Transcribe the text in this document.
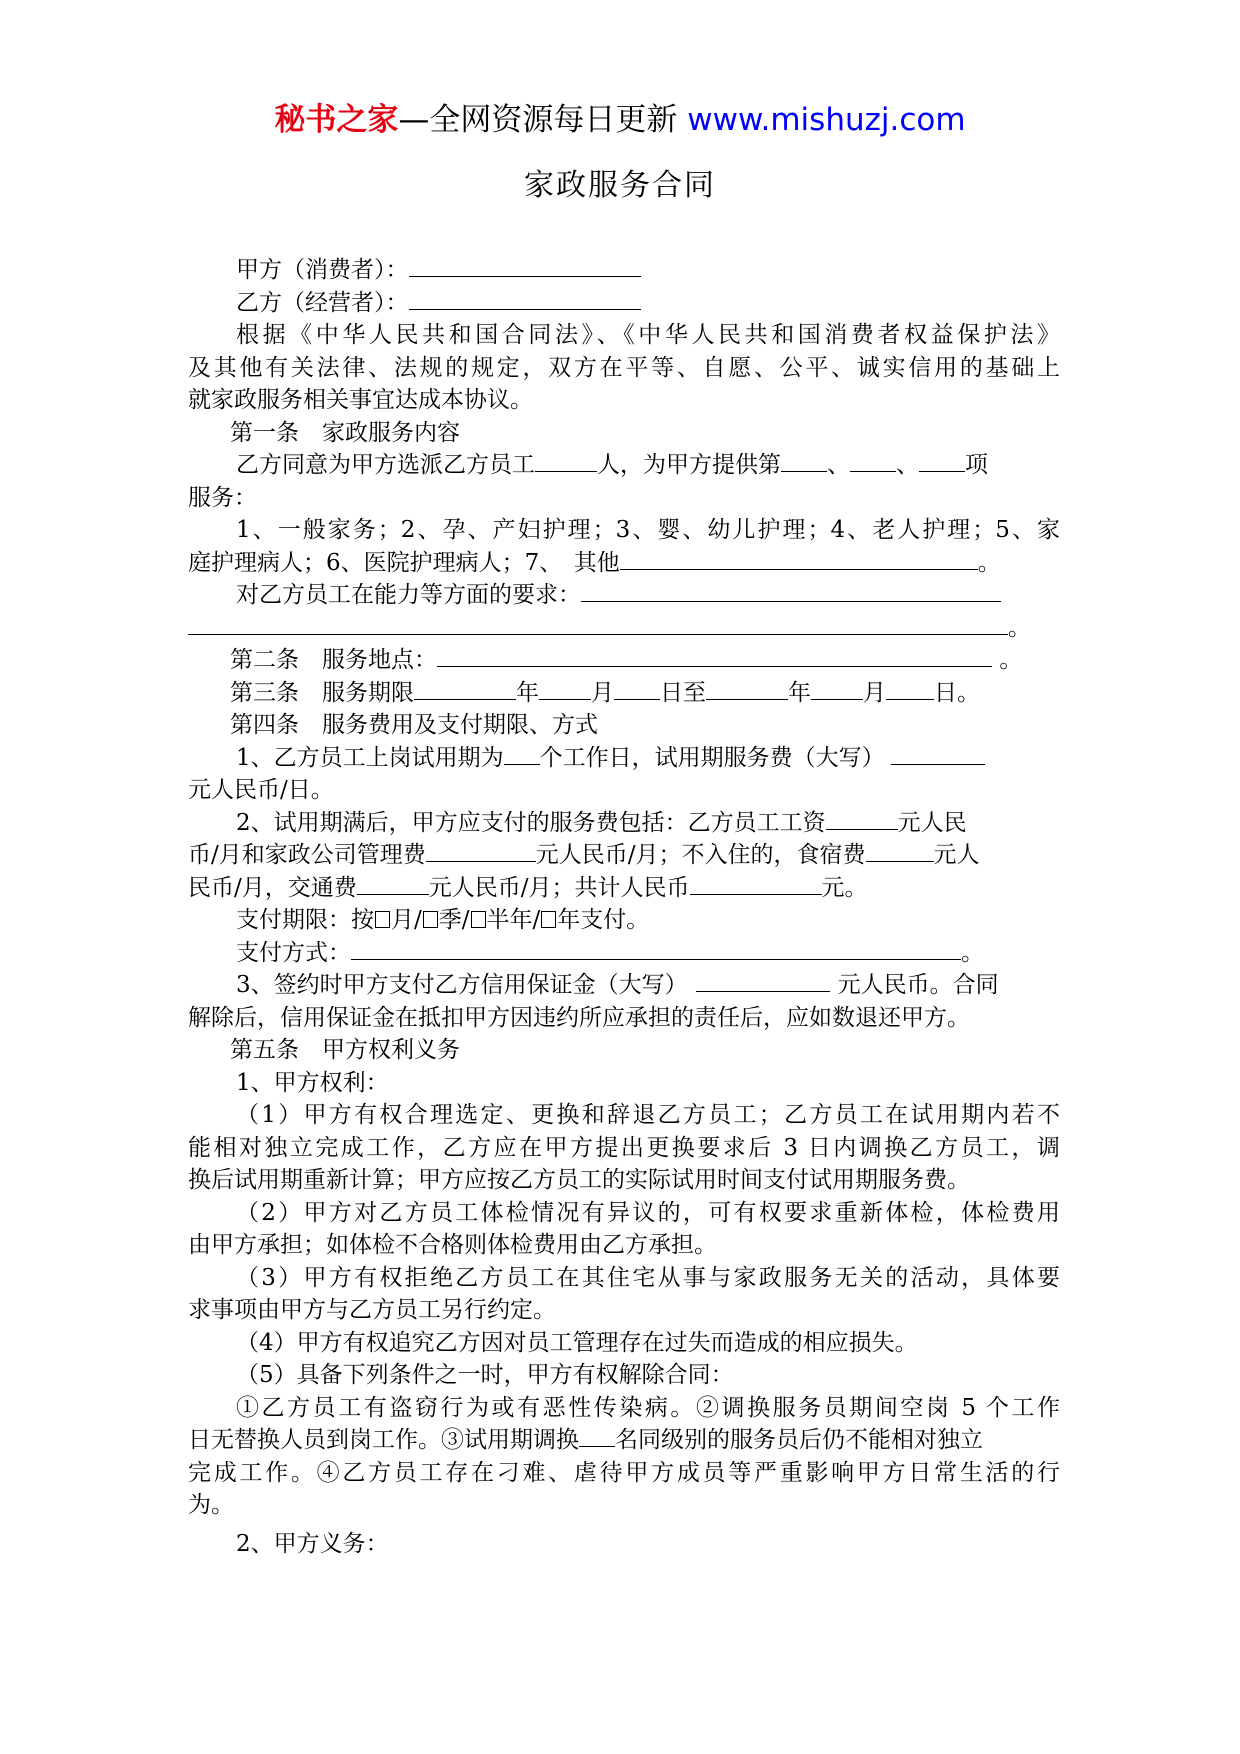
秘书之家—全网资源每日更新 www.mishuzj.com
家政服务合同
甲方（消费者）：
乙方（经营者）：
根据《中华人民共和国合同法》、《中华人民共和国消费者权益保护法》
及其他有关法律、法规的规定，双方在平等、自愿、公平、诚实信用的基础上
就家政服务相关事宜达成本协议。
第一条　家政服务内容
乙方同意为甲方选派乙方员工	人，为甲方提供第 、 、 项
服务：
1、一般家务；2、孕、产妇护理；3、婴、幼儿护理；4、老人护理；5、家
庭护理病人；6、医院护理病人；7、　其他	。
对乙方员工在能力等方面的要求：
。
第二条　服务地点：	。
第三条　服务期限	年 月 日至	年 月 日。
第四条　服务费用及支付期限、方式
1、乙方员工上岗试用期为 个工作日，试用期服务费（大写）
元人民币/日。
2、试用期满后，甲方应支付的服务费包括：乙方员工工资	元人民
币/月和家政公司管理费	元人民币/月；不入住的，食宿费	元人
民币/月，交通费	元人民币/月；共计人民币	元。
支付期限：按 月/ 季/ 半年/ 年支付。
支付方式：	。
3、签约时甲方支付乙方信用保证金（大写）	元人民币。合同
解除后，信用保证金在抵扣甲方因违约所应承担的责任后，应如数退还甲方。
第五条　甲方权利义务
1、甲方权利：
（1）甲方有权合理选定、更换和辞退乙方员工；乙方员工在试用期内若不
能相对独立完成工作，乙方应在甲方提出更换要求后 3 日内调换乙方员工，调
换后试用期重新计算；甲方应按乙方员工的实际试用时间支付试用期服务费。
（2）甲方对乙方员工体检情况有异议的，可有权要求重新体检，体检费用
由甲方承担；如体检不合格则体检费用由乙方承担。
（3）甲方有权拒绝乙方员工在其住宅从事与家政服务无关的活动，具体要
求事项由甲方与乙方员工另行约定。
（4）甲方有权追究乙方因对员工管理存在过失而造成的相应损失。
（5）具备下列条件之一时，甲方有权解除合同：
①乙方员工有盗窃行为或有恶性传染病。②调换服务员期间空岗 5 个工作
日无替换人员到岗工作。③试用期调换 名同级别的服务员后仍不能相对独立
完成工作。④乙方员工存在刁难、虐待甲方成员等严重影响甲方日常生活的行
为。
2、甲方义务：
